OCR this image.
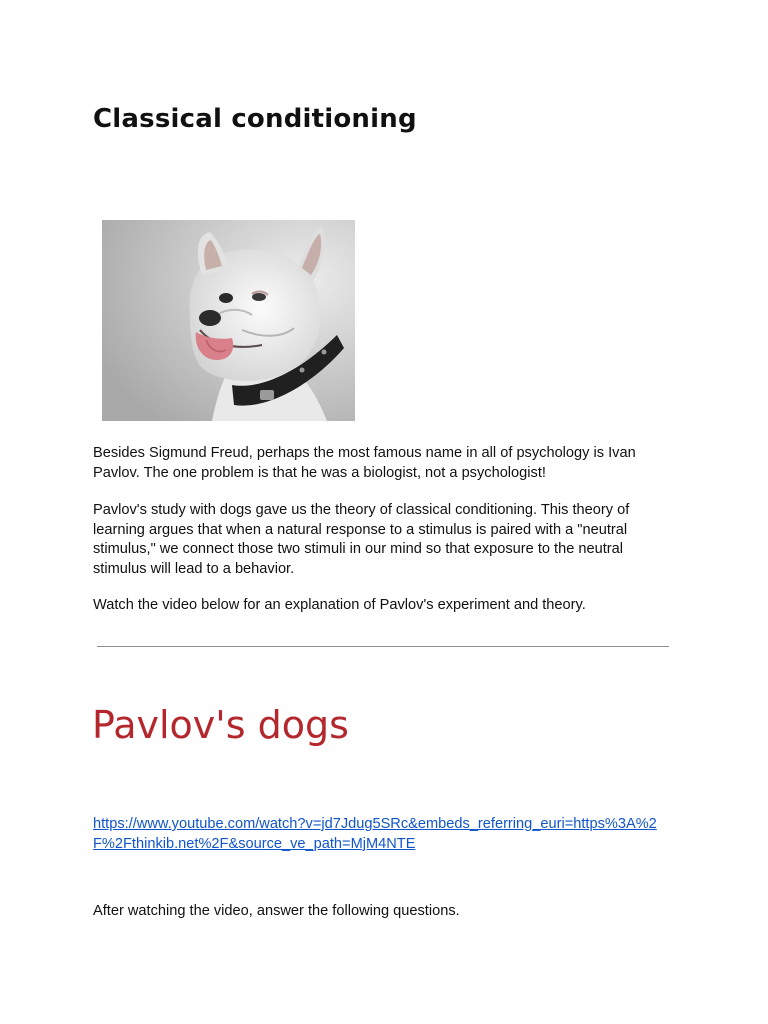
Classical conditioning

Besides Sigmund Freud, perhaps the most famous name in all of psychology is Ivan Pavlov. The one problem is that he was a biologist, not a psychologist!

Pavlov's study with dogs gave us the theory of classical conditioning. This theory of learning argues that when a natural response to a stimulus is paired with a "neutral stimulus," we connect those two stimuli in our mind so that exposure to the neutral stimulus will lead to a behavior.

Watch the video below for an explanation of Pavlov's experiment and theory.

Pavlov's dogs
https://www.youtube.com/watch?v=jd7Jdug5SRc&embeds_referring_euri=https%3A%2F%2Fthinkib.net%2F&source_ve_path=MjM4NTE

After watching the video, answer the following questions.
